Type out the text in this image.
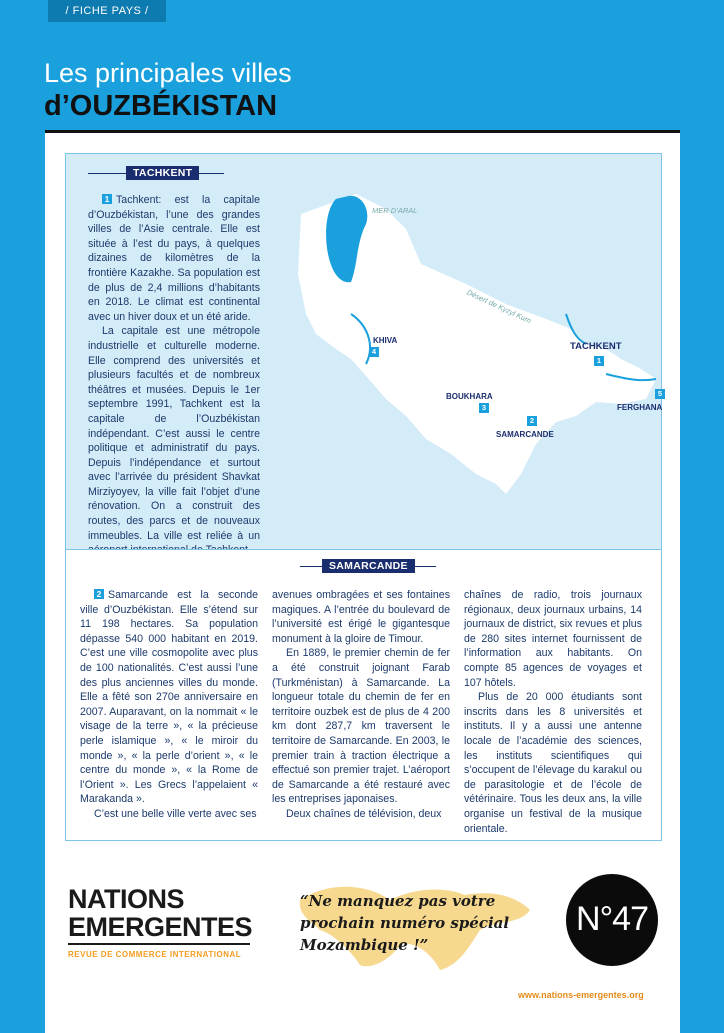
/ FICHE PAYS /
Les principales villes
d’OUZBÉKISTAN
MER D’ARAL
Désert de Kyzyl Kum
KHIVA
4
BOUKHARA
3
2
SAMARCANDE
TACHKENT
1
5
FERGHANA
TACHKENT

1 Tachkent: est la capitale d’Ouzbékistan, l’une des grandes villes de l’Asie centrale. Elle est située à l’est du pays, à quelques dizaines de kilomètres de la frontière Kazakhe. Sa population est de plus de 2,4 millions d’habitants en 2018. Le climat est continental avec un hiver doux et un été aride.

La capitale est une métropole industrielle et culturelle moderne. Elle comprend des universités et plusieurs facultés et de nombreux théâtres et musées. Depuis le 1er septembre 1991, Tachkent est la capitale de l’Ouzbékistan indépendant. C’est aussi le centre politique et administratif du pays. Depuis l’indépendance et surtout avec l’arrivée du président Shavkat Mirziyoyev, la ville fait l’objet d’une rénovation. On a construit des routes, des parcs et de nouveaux immeubles. La ville est reliée à un

SAMARCANDE

2 Samarcande est la seconde ville d’Ouzbékistan. Elle s’étend sur 11 198 hectares. Sa population dépasse 540 000 habitant en 2019. C’est une ville cosmopolite avec plus de 100 nationalités. C’est aussi l’une des plus anciennes villes du monde. Elle a fêté son 270e anniversaire en 2007. Auparavant, on la nommait « le visage de la terre », « la précieuse perle islamique », « le miroir du monde », « la perle d’orient », « le centre du monde », « la Rome de l’Orient ». Les Grecs l’appelaient « Marakanda ».

C’est une belle ville verte avec ses

avenues ombragées et ses fontaines magiques. A l’entrée du boulevard de l’université est érigé le gigantesque monument à la gloire de Timour.

En 1889, le premier chemin de fer a été construit joignant Farab (Turkménistan) à Samarcande. La longueur totale du chemin de fer en territoire ouzbek est de plus de 4 200 km dont 287,7 km traversent le territoire de Samarcande. En 2003, le premier train à traction électrique a effectué son premier trajet. L’aéroport de Samarcande a été restauré avec les entreprises japonaises.

Deux chaînes de télévision, deux

chaînes de radio, trois journaux régionaux, deux journaux urbains, 14 journaux de district, six revues et plus de 280 sites internet fournissent de l’information aux habitants. On compte 85 agences de voyages et 107 hôtels.

Plus de 20 000 étudiants sont inscrits dans les 8 universités et instituts. Il y a aussi une antenne locale de l’académie des sciences, les instituts scientifiques qui s’occupent de l’élevage du karakul ou de parasitologie et de l’école de vétérinaire. Tous les deux ans, la ville organise un festival de la musique orientale.

NATIONS
EMERGENTES
REVUE DE COMMERCE INTERNATIONAL
“Ne manquez pas votre prochain numéro spécial Mozambique !”
N°47
www.nations-emergentes.org
